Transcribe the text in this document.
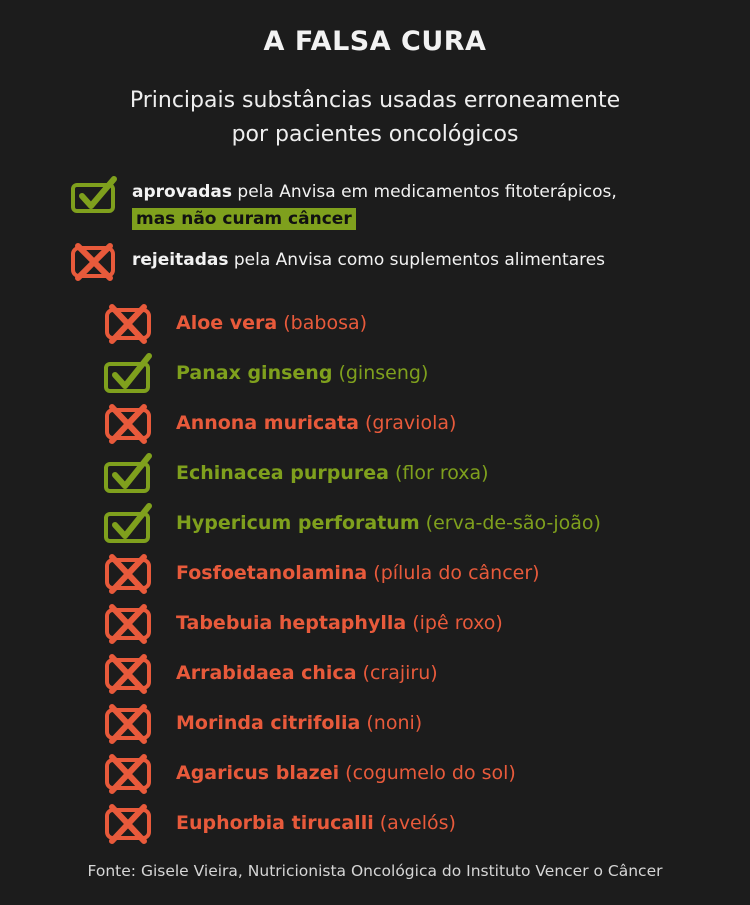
A FALSA CURA
Principais substâncias usadas erroneamente
por pacientes oncológicos
aprovadas pela Anvisa em medicamentos fitoterápicos,
mas não curam câncer
rejeitadas pela Anvisa como suplementos alimentares
Aloe vera (babosa)
Panax ginseng (ginseng)
Annona muricata (graviola)
Echinacea purpurea (flor roxa)
Hypericum perforatum (erva-de-são-joão)
Fosfoetanolamina (pílula do câncer)
Tabebuia heptaphylla (ipê roxo)
Arrabidaea chica (crajiru)
Morinda citrifolia (noni)
Agaricus blazei (cogumelo do sol)
Euphorbia tirucalli (avelós)
Fonte: Gisele Vieira, Nutricionista Oncológica do Instituto Vencer o Câncer
